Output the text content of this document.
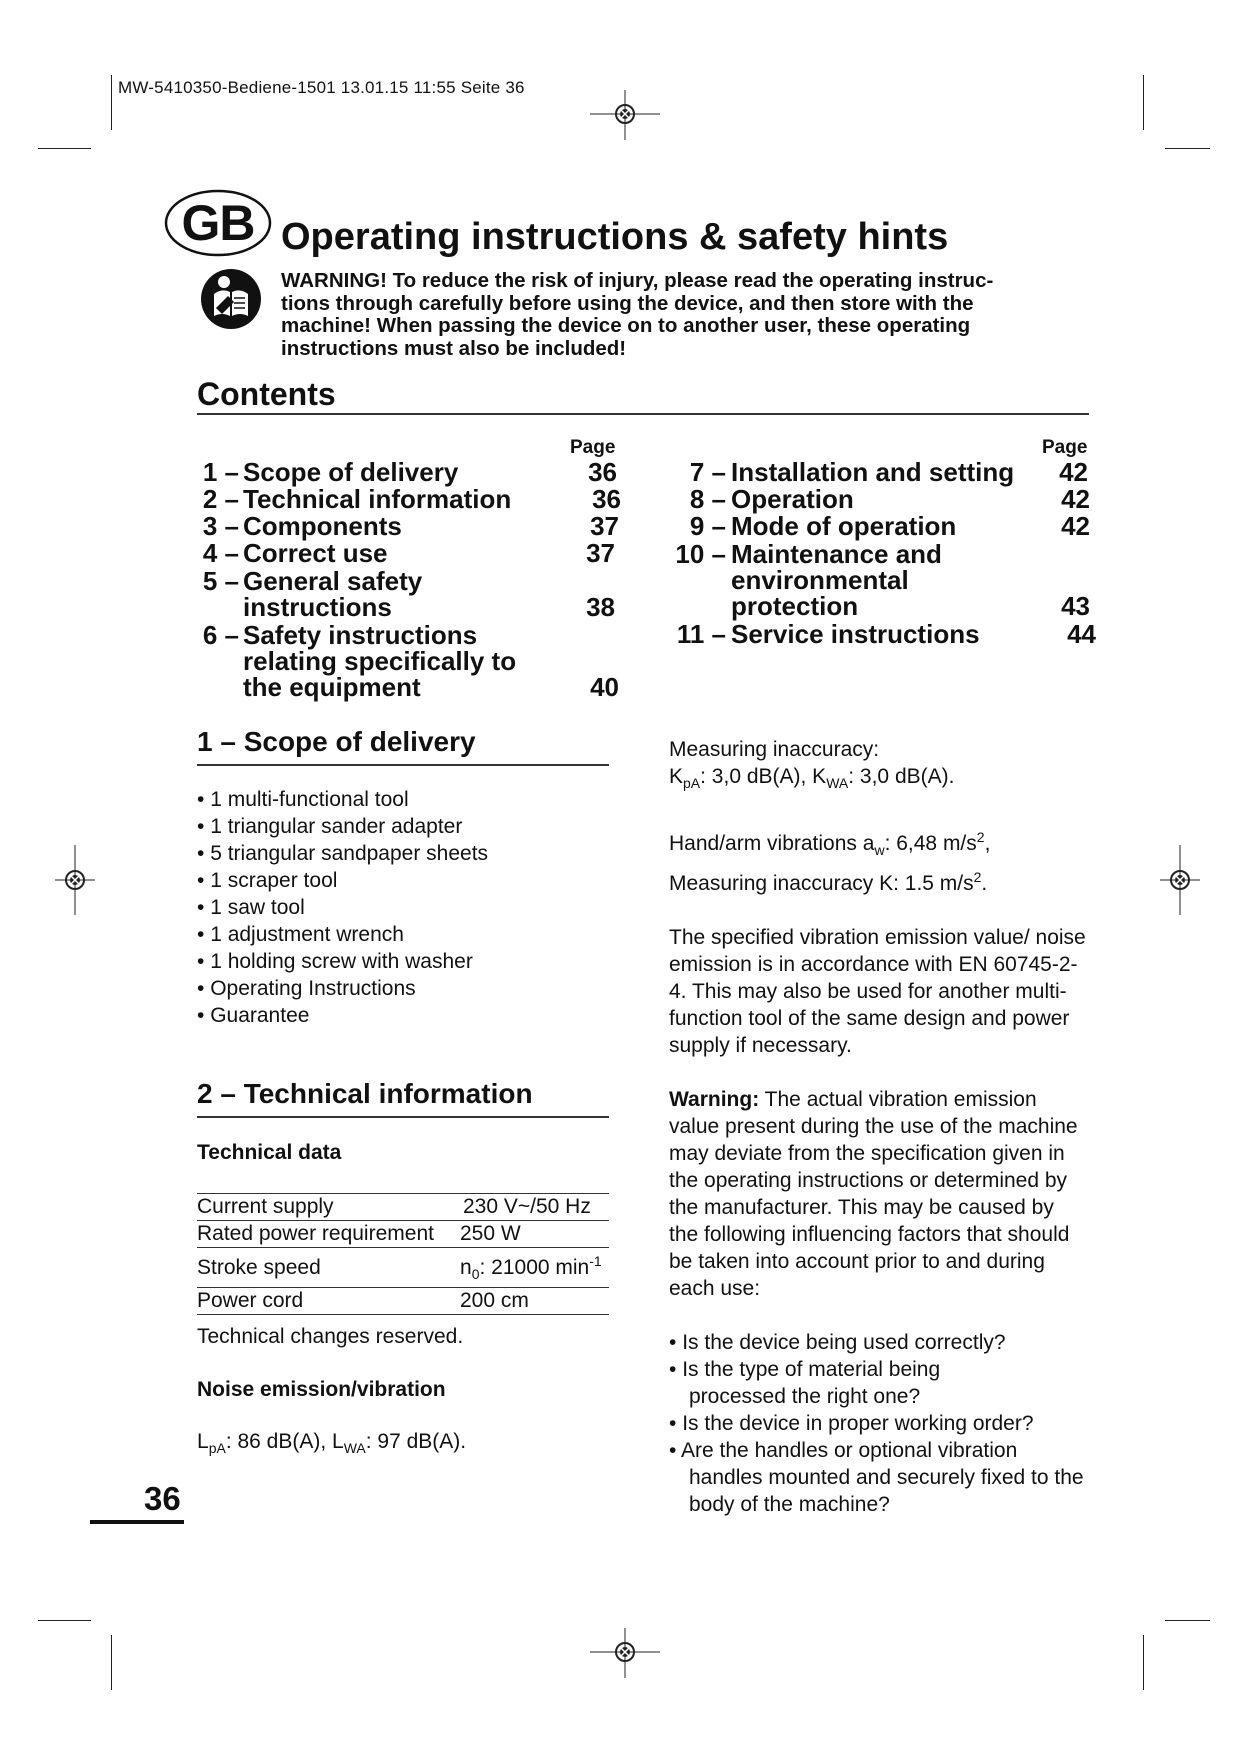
MW-5410350-Bediene-1501 13.01.15 11:55 Seite 36
GB Operating instructions & safety hints
WARNING! To reduce the risk of injury, please read the operating instruc-
tions through carefully before using the device, and then store with the
machine! When passing the device on to another user, these operating
instructions must also be included!
Contents
Page	Page
1 – Scope of delivery	36
2 – Technical information	36
3 – Components	37
4 – Correct use	37
5 – General safety
instructions	38
6 – Safety instructions
relating specifically to
the equipment	40
7 – Installation and setting	42
8 – Operation	42
9 – Mode of operation	42
10 – Maintenance and
environmental
protection	43
11 – Service instructions	44
1 – Scope of delivery
• 1 multi-functional tool
• 1 triangular sander adapter
• 5 triangular sandpaper sheets
• 1 scraper tool
• 1 saw tool
• 1 adjustment wrench
• 1 holding screw with washer
• Operating Instructions
• Guarantee
2 – Technical information
Technical data
Current supply	230 V~/50 Hz
Rated power requirement	250 W
Stroke speed	$n_0$: 21000 $\min^{-1}$
Power cord	200 cm
Technical changes reserved.
Noise emission/vibration
$L_{pA}$: 86 dB(A), $L_{WA}$: 97 dB(A).
36
Measuring inaccuracy:
$K_{pA}$: 3,0 dB(A), $K_{WA}$: 3,0 dB(A).
Hand/arm vibrations $a_w$: 6,48 $m/s^2$,
Measuring inaccuracy K: 1.5 $m/s^2$.
The specified vibration emission value/ noise emission is in accordance with EN 60745-2-4. This may also be used for another multi-function tool of the same design and power supply if necessary.
Warning: The actual vibration emission value present during the use of the machine may deviate from the specification given in the operating instructions or determined by the manufacturer. This may be caused by the following influencing factors that should be taken into account prior to and during each use:
• Is the device being used correctly?
• Is the type of material being processed the right one?
• Is the device in proper working order?
• Are the handles or optional vibration handles mounted and securely fixed to the body of the machine?
